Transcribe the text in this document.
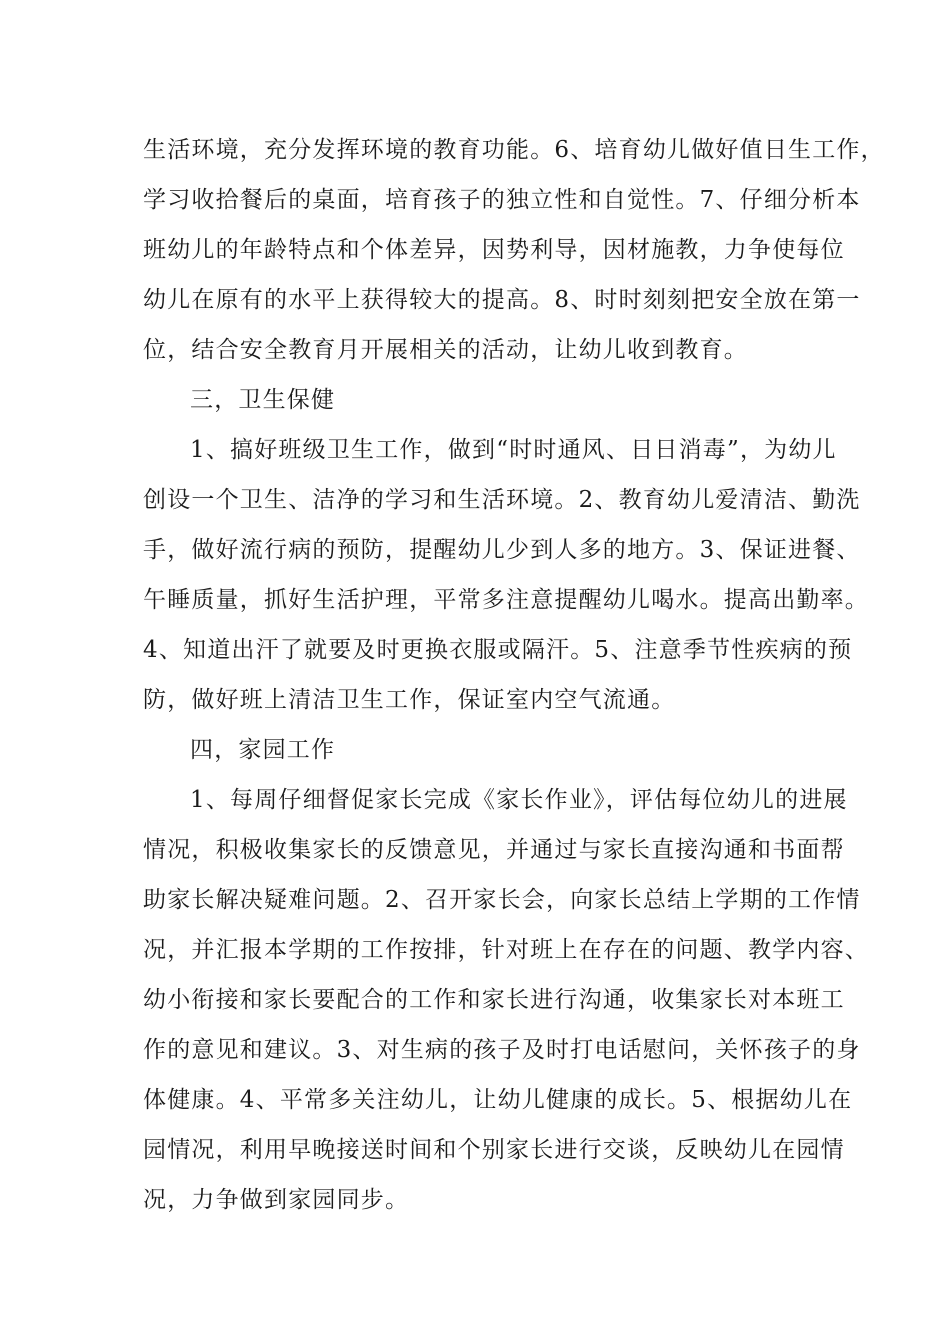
生活环境，充分发挥环境的教育功能。6、培育幼儿做好值日生工作，

学习收拾餐后的桌面，培育孩子的独立性和自觉性。7、仔细分析本

班幼儿的年龄特点和个体差异，因势利导，因材施教，力争使每位

幼儿在原有的水平上获得较大的提高。8、时时刻刻把安全放在第一

位，结合安全教育月开展相关的活动，让幼儿收到教育。

三，卫生保健

1、搞好班级卫生工作，做到“时时通风、日日消毒”，为幼儿

创设一个卫生、洁净的学习和生活环境。2、教育幼儿爱清洁、勤洗

手，做好流行病的预防，提醒幼儿少到人多的地方。3、保证进餐、

午睡质量，抓好生活护理，平常多注意提醒幼儿喝水。提高出勤率。

4、知道出汗了就要及时更换衣服或隔汗。5、注意季节性疾病的预

防，做好班上清洁卫生工作，保证室内空气流通。

四，家园工作

1、每周仔细督促家长完成《家长作业》，评估每位幼儿的进展

情况，积极收集家长的反馈意见，并通过与家长直接沟通和书面帮

助家长解决疑难问题。2、召开家长会，向家长总结上学期的工作情

况，并汇报本学期的工作按排，针对班上在存在的问题、教学内容、

幼小衔接和家长要配合的工作和家长进行沟通，收集家长对本班工

作的意见和建议。3、对生病的孩子及时打电话慰问，关怀孩子的身

体健康。4、平常多关注幼儿，让幼儿健康的成长。5、根据幼儿在

园情况，利用早晚接送时间和个别家长进行交谈，反映幼儿在园情

况，力争做到家园同步。
